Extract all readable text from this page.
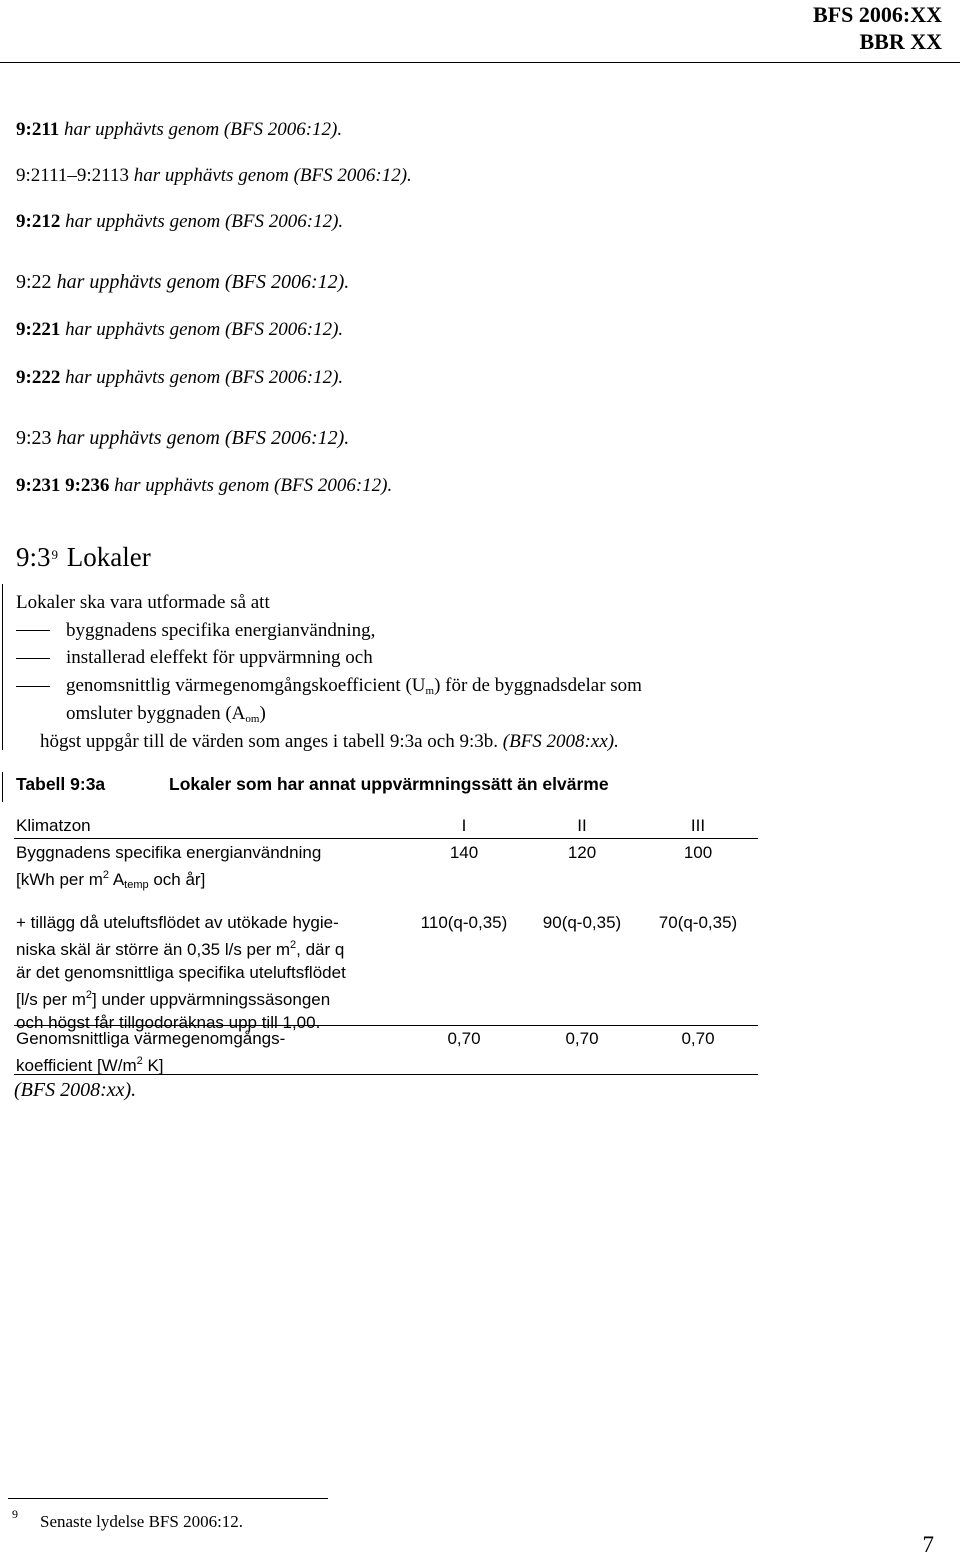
BFS 2006:XX
BBR XX
9:211 har upphävts genom (BFS 2006:12).
9:2111–9:2113 har upphävts genom (BFS 2006:12).
9:212 har upphävts genom (BFS 2006:12).
9:22 har upphävts genom (BFS 2006:12).
9:221 har upphävts genom (BFS 2006:12).
9:222 har upphävts genom (BFS 2006:12).
9:23 har upphävts genom (BFS 2006:12).
9:231 9:236 har upphävts genom (BFS 2006:12).
$9:3^9$ Lokaler
Lokaler ska vara utformade så att
byggnadens specifika energianvändning,
installerad eleffekt för uppvärmning och
genomsnittlig värmegenomgångskoefficient $(U_m)$ för de byggnadsdelar som
omsluter byggnaden $(A_{om})$
högst uppgår till de värden som anges i tabell 9:3a och 9:3b. (BFS 2008:xx).
Tabell 9:3a	Lokaler som har annat uppvärmningssätt än elvärme
Klimatzon	I	II	III
Byggnadens specifika energianvändning
[kWh per $m^2$ $A_{temp}$ och år]
140	120	100
+ tillägg då uteluftsflödet av utökade hygie-
niska skäl är större än 0,35 l/s per $m^2$, där q
är det genomsnittliga specifika uteluftsflödet
[l/s per $m^2$] under uppvärmningssäsongen
och högst får tillgodoräknas upp till 1,00.
110(q-0,35)	90(q-0,35)	70(q-0,35)
Genomsnittliga värmegenomgångs-
koefficient [$W/m^2$ K]
0,70	0,70	0,70
(BFS 2008:xx).
9 Senaste lydelse BFS 2006:12.
7
